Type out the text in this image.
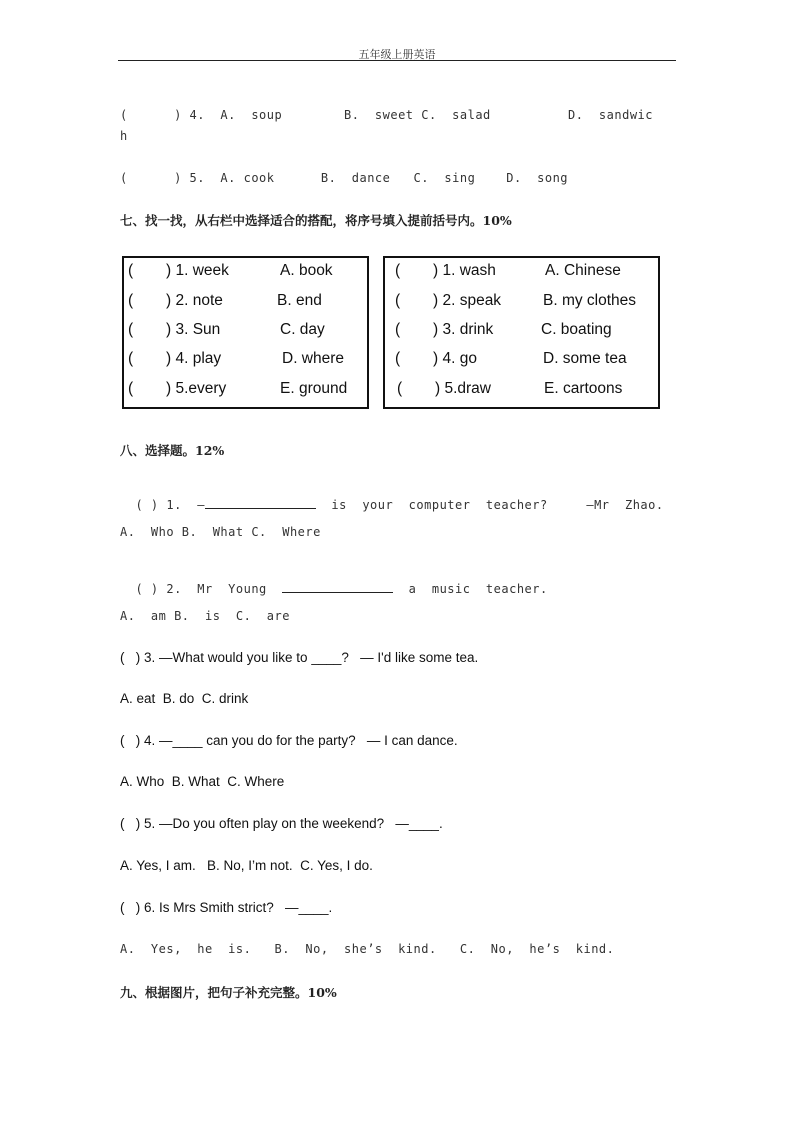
五年级上册英语
(      ) 4.  A.  soup        B.  sweet C.  salad          D.  sandwic
h
(      ) 5.  A. cook      B.  dance   C.  sing    D.  song
七、找一找，从右栏中选择适合的搭配，将序号填入提前括号内。10%
( ) 1. week	A. book
( ) 2. note	B. end
( ) 3. Sun	C. day
( ) 4. play	D. where
( ) 5.every	E. ground
( ) 1. wash	A. Chinese
( ) 2. speak	B. my clothes
( ) 3. drink	C. boating
( ) 4. go	D. some tea
( ) 5.draw	E. cartoons
八、选择题。12%

( ) 1.  —	is  your  computer  teacher?     —Mr  Zhao.

A.  Who B.  What C.  Where

( ) 2.  Mr  Young	a  music  teacher.

A.  am B.  is  C.  are
(   ) 3. —What would you like to ____?   — I'd like some tea.
A. eat  B. do  C. drink
(   ) 4. —____ can you do for the party?   — I can dance.
A. Who  B. What  C. Where
(   ) 5. —Do you often play on the weekend?   —____.
A. Yes, I am.   B. No, I’m not.  C. Yes, I do.
(   ) 6. Is Mrs Smith strict?   —____.
A.  Yes,  he  is.   B.  No,  she’s  kind.   C.  No,  he’s  kind.
九、根据图片，把句子补充完整。10%
